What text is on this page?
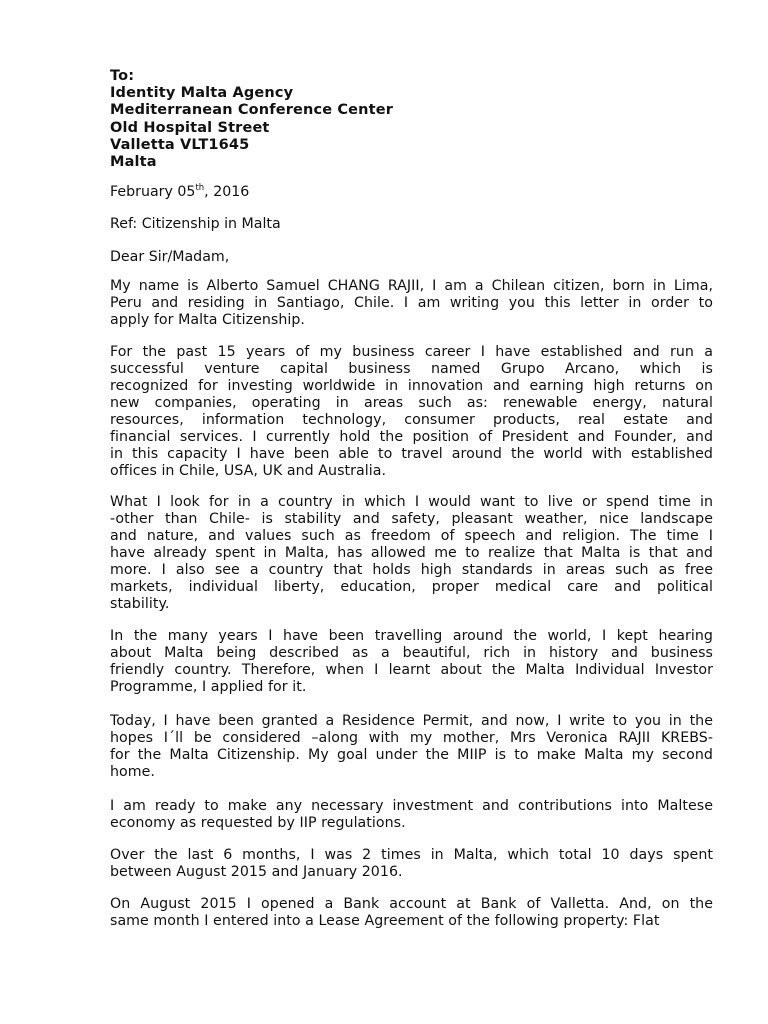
To:
Identity Malta Agency
Mediterranean Conference Center
Old Hospital Street
Valletta VLT1645
Malta
February 05th, 2016
Ref: Citizenship in Malta
Dear Sir/Madam,
My name is Alberto Samuel CHANG RAJII, I am a Chilean citizen, born in Lima,
Peru and residing in Santiago, Chile. I am writing you this letter in order to
apply for Malta Citizenship.
For the past 15 years of my business career I have established and run a
successful venture capital business named Grupo Arcano, which is
recognized for investing worldwide in innovation and earning high returns on
new companies, operating in areas such as: renewable energy, natural
resources, information technology, consumer products, real estate and
financial services. I currently hold the position of President and Founder, and
in this capacity I have been able to travel around the world with established
offices in Chile, USA, UK and Australia.
What I look for in a country in which I would want to live or spend time in
-other than Chile- is stability and safety, pleasant weather, nice landscape
and nature, and values such as freedom of speech and religion. The time I
have already spent in Malta, has allowed me to realize that Malta is that and
more. I also see a country that holds high standards in areas such as free
markets, individual liberty, education, proper medical care and political
stability.
In the many years I have been travelling around the world, I kept hearing
about Malta being described as a beautiful, rich in history and business
friendly country. Therefore, when I learnt about the Malta Individual Investor
Programme, I applied for it.
Today, I have been granted a Residence Permit, and now, I write to you in the
hopes I´ll be considered –along with my mother, Mrs Veronica RAJII KREBS-
for the Malta Citizenship. My goal under the MIIP is to make Malta my second
home.
I am ready to make any necessary investment and contributions into Maltese
economy as requested by IIP regulations.
Over the last 6 months, I was 2 times in Malta, which total 10 days spent
between August 2015 and January 2016.
On August 2015 I opened a Bank account at Bank of Valletta. And, on the
same month I entered into a Lease Agreement of the following property: Flat
